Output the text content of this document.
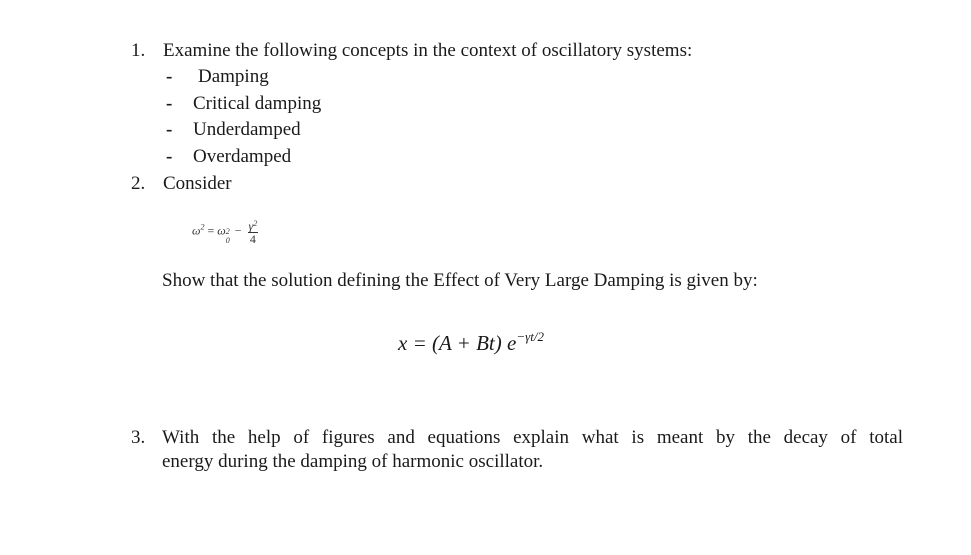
1. Examine the following concepts in the context of oscillatory systems:
- Damping
- Critical damping
- Underdamped
- Overdamped
2. Consider
$\omega^2 = \omega$ 2
0
− $\frac{\gamma^2}{4}$
Show that the solution defining the Effect of Very Large Damping is given by:
x = (A + Bt) $e^{-\gamma t/2}$
3. With the help of figures and equations explain what is meant by the decay of total
energy during the damping of harmonic oscillator.
